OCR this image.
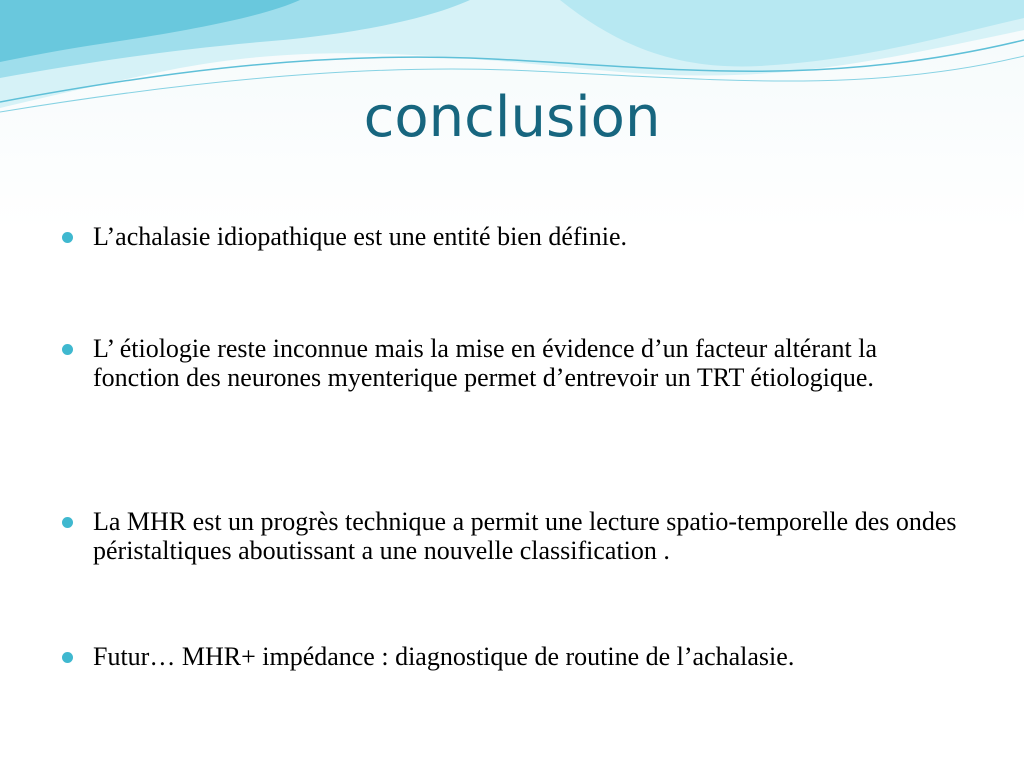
conclusion
L’achalasie idiopathique est une entité bien définie.
L’ étiologie reste inconnue mais la mise en évidence d’un facteur altérant la fonction des neurones myenterique permet d’entrevoir un TRT étiologique.
La MHR est un progrès technique a permit une lecture spatio-temporelle des ondes péristaltiques aboutissant a une nouvelle classification .
Futur… MHR+ impédance : diagnostique de routine de l’achalasie.
